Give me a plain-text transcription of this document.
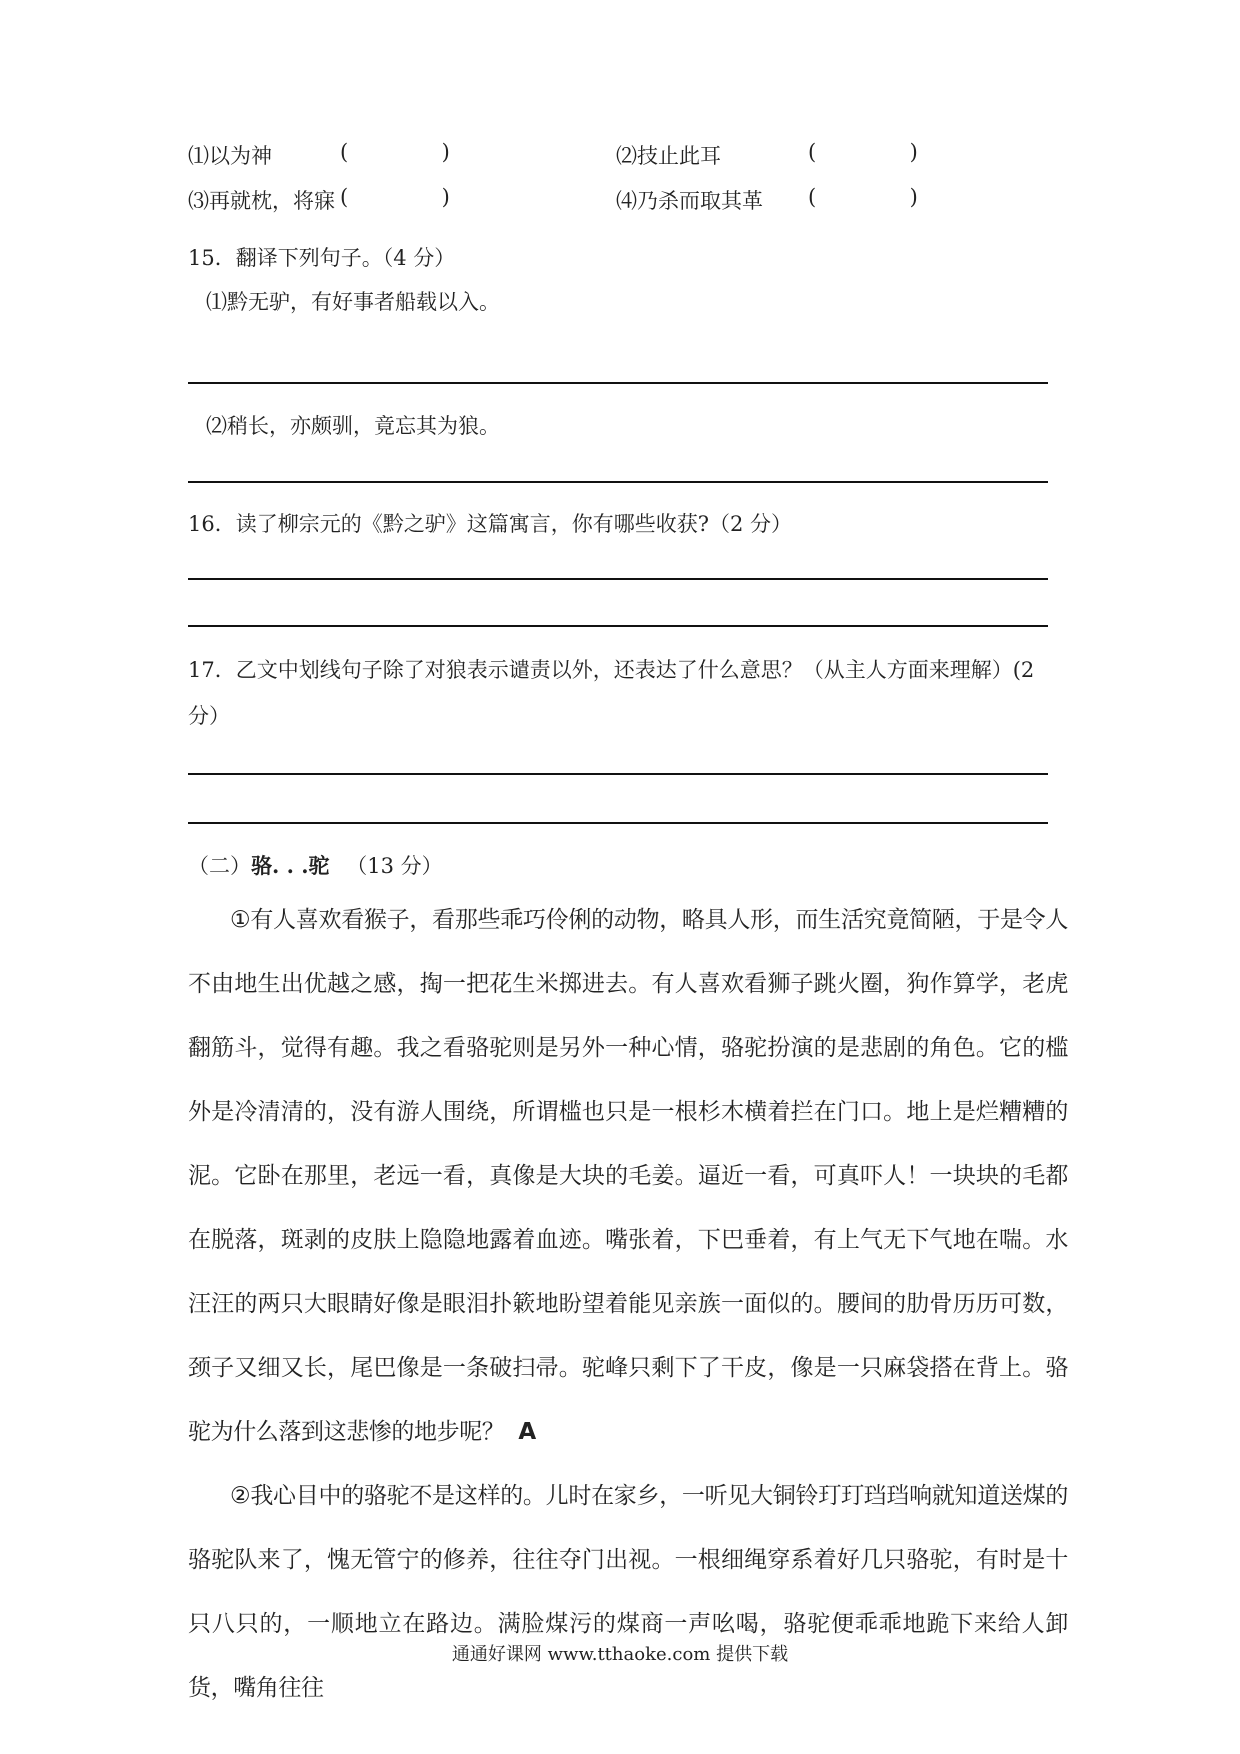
⑴以为神	(              )	⑵技止此耳	(              )
⑶再就枕，将寐 (              )	⑷乃杀而取其革 (              )
15．翻译下列句子。（4 分）
⑴黔无驴，有好事者船载以入。
⑵稍长，亦颇驯，竟忘其为狼。
16．读了柳宗元的《黔之驴》这篇寓言，你有哪些收获?（2 分）
17．乙文中划线句子除了对狼表示谴责以外，还表达了什么意思？（从主人方面来理解）(2
分）
（二）骆. . .驼 （13 分）

①有人喜欢看猴子，看那些乖巧伶俐的动物，略具人形，而生活究竟简陋，于是令人不由地生出优越之感，掏一把花生米掷进去。有人喜欢看狮子跳火圈，狗作算学，老虎翻筋斗，觉得有趣。我之看骆驼则是另外一种心情，骆驼扮演的是悲剧的角色。它的槛外是冷清清的，没有游人围绕，所谓槛也只是一根杉木横着拦在门口。地上是烂糟糟的泥。它卧在那里，老远一看，真像是大块的毛姜。逼近一看，可真吓人！一块块的毛都在脱落，斑剥的皮肤上隐隐地露着血迹。嘴张着，下巴垂着，有上气无下气地在喘。水汪汪的两只大眼睛好像是眼泪扑簌地盼望着能见亲族一面似的。腰间的肋骨历历可数，颈子又细又长，尾巴像是一条破扫帚。驼峰只剩下了干皮，像是一只麻袋搭在背上。骆驼为什么落到这悲惨的地步呢？ A

②我心目中的骆驼不是这样的。儿时在家乡，一听见大铜铃玎玎珰珰响就知道送煤的骆驼队来了，愧无管宁的修养，往往夺门出视。一根细绳穿系着好几只骆驼，有时是十只八只的，一顺地立在路边。满脸煤污的煤商一声吆喝，骆驼便乖乖地跪下来给人卸货，嘴角往往

通通好课网 www.tthaoke.com 提供下载
